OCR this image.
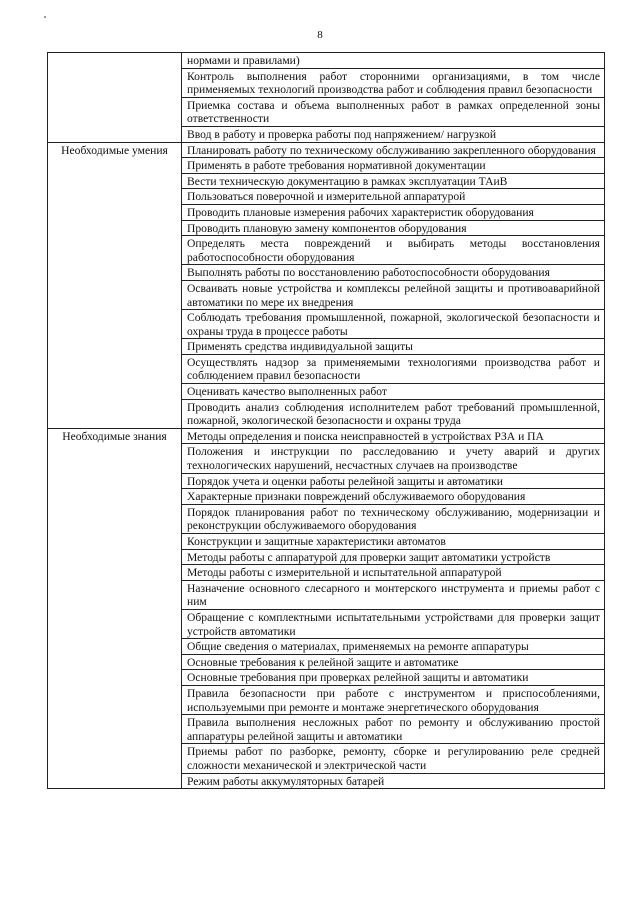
8
	нормами и правилами)
	Контроль выполнения работ сторонними организациями, в том числе применяемых технологий производства работ и соблюдения правил безопасности
	Приемка состава и объема выполненных работ в рамках определенной зоны ответственности
	Ввод в работу и проверка работы под напряжением/ нагрузкой
Необходимые умения	Планировать работу по техническому обслуживанию закрепленного оборудования
	Применять в работе требования нормативной документации
	Вести техническую документацию в рамках эксплуатации ТАиВ
	Пользоваться поверочной и измерительной аппаратурой
	Проводить плановые измерения рабочих характеристик оборудования
	Проводить плановую замену компонентов оборудования
	Определять места повреждений и выбирать методы восстановления работоспособности оборудования
	Выполнять работы по восстановлению работоспособности оборудования
	Осваивать новые устройства и комплексы релейной защиты и противоаварийной автоматики по мере их внедрения
	Соблюдать требования промышленной, пожарной, экологической безопасности и охраны труда в процессе работы
	Применять средства индивидуальной защиты
	Осуществлять надзор за применяемыми технологиями производства работ и соблюдением правил безопасности
	Оценивать качество выполненных работ
	Проводить анализ соблюдения исполнителем работ требований промышленной, пожарной, экологической безопасности и охраны труда
Необходимые знания	Методы определения и поиска неисправностей в устройствах РЗА и ПА
	Положения и инструкции по расследованию и учету аварий и других технологических нарушений, несчастных случаев на производстве
	Порядок учета и оценки работы релейной защиты и автоматики
	Характерные признаки повреждений обслуживаемого оборудования
	Порядок планирования работ по техническому обслуживанию, модернизации и реконструкции обслуживаемого оборудования
	Конструкции и защитные характеристики автоматов
	Методы работы с аппаратурой для проверки защит автоматики устройств
	Методы работы с измерительной и испытательной аппаратурой
	Назначение основного слесарного и монтерского инструмента и приемы работ с ним
	Обращение с комплектными испытательными устройствами для проверки защит устройств автоматики
	Общие сведения о материалах, применяемых на ремонте аппаратуры
	Основные требования к релейной защите и автоматике
	Основные требования при проверках релейной защиты и автоматики
	Правила безопасности при работе с инструментом и приспособлениями, используемыми при ремонте и монтаже энергетического оборудования
	Правила выполнения несложных работ по ремонту и обслуживанию простой аппаратуры релейной защиты и автоматики
	Приемы работ по разборке, ремонту, сборке и регулированию реле средней сложности механической и электрической части
	Режим работы аккумуляторных батарей
